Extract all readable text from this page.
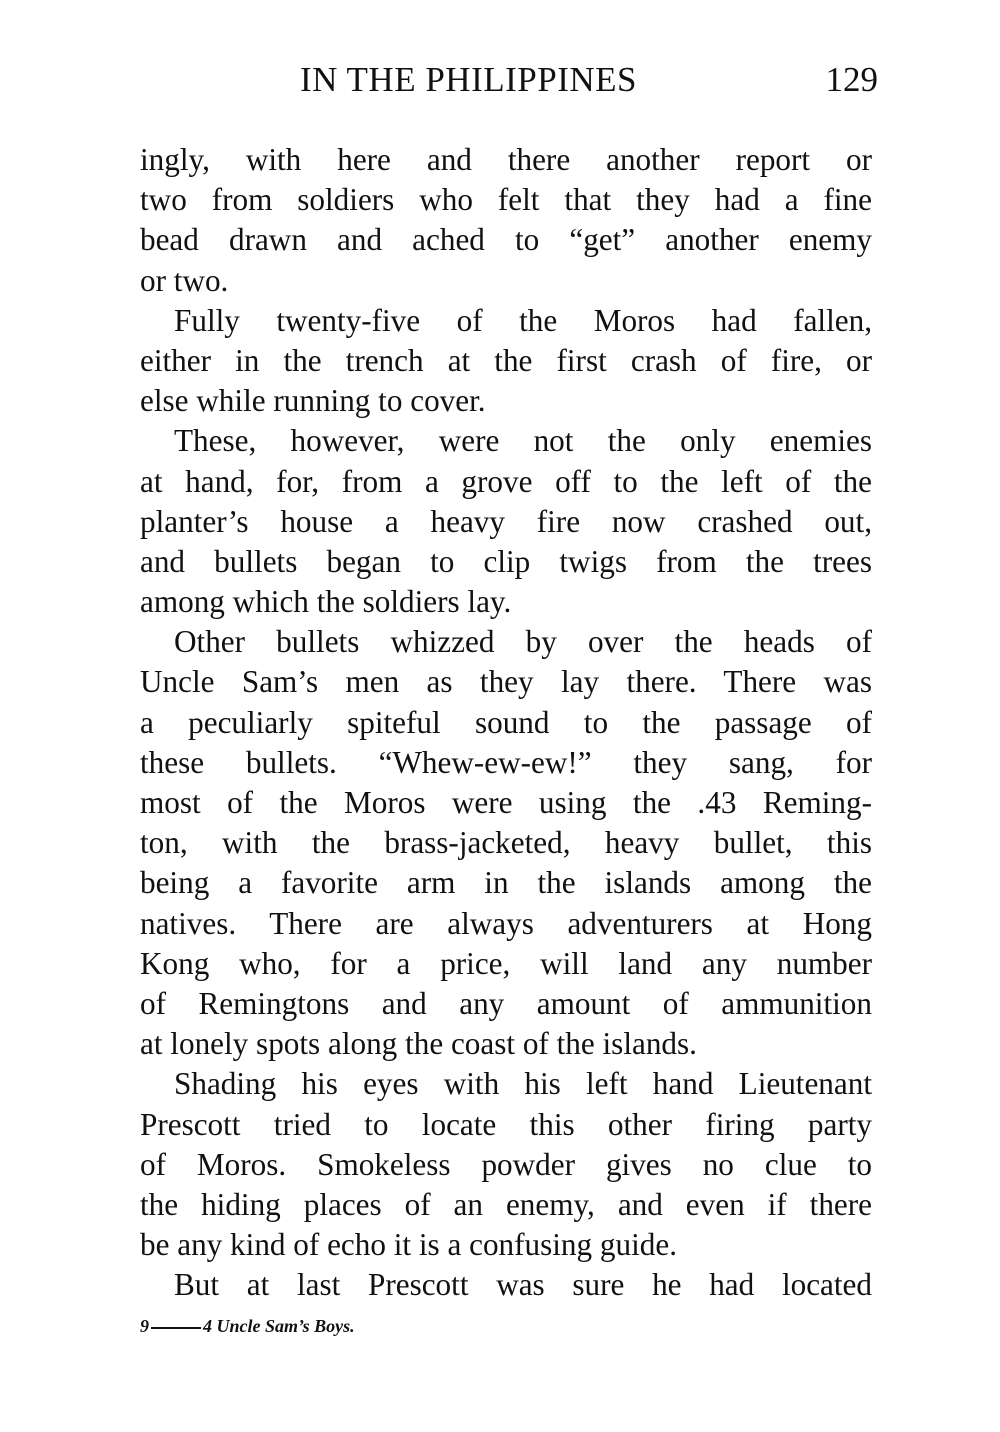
IN THE PHILIPPINES	129
ingly, with here and there another report or
two from soldiers who felt that they had a fine
bead drawn and ached to “get” another enemy
or two.
Fully twenty-five of the Moros had fallen,
either in the trench at the first crash of fire, or
else while running to cover.
These, however, were not the only enemies
at hand, for, from a grove off to the left of the
planter’s house a heavy fire now crashed out,
and bullets began to clip twigs from the trees
among which the soldiers lay.
Other bullets whizzed by over the heads of
Uncle Sam’s men as they lay there. There was
a peculiarly spiteful sound to the passage of
these bullets. “Whew-ew-ew!” they sang, for
most of the Moros were using the .43 Reming-
ton, with the brass-jacketed, heavy bullet, this
being a favorite arm in the islands among the
natives. There are always adventurers at Hong
Kong who, for a price, will land any number
of Remingtons and any amount of ammunition
at lonely spots along the coast of the islands.
Shading his eyes with his left hand Lieutenant
Prescott tried to locate this other firing party
of Moros. Smokeless powder gives no clue to
the hiding places of an enemy, and even if there
be any kind of echo it is a confusing guide.
But at last Prescott was sure he had located
9	4 Uncle Sam’s Boys.
